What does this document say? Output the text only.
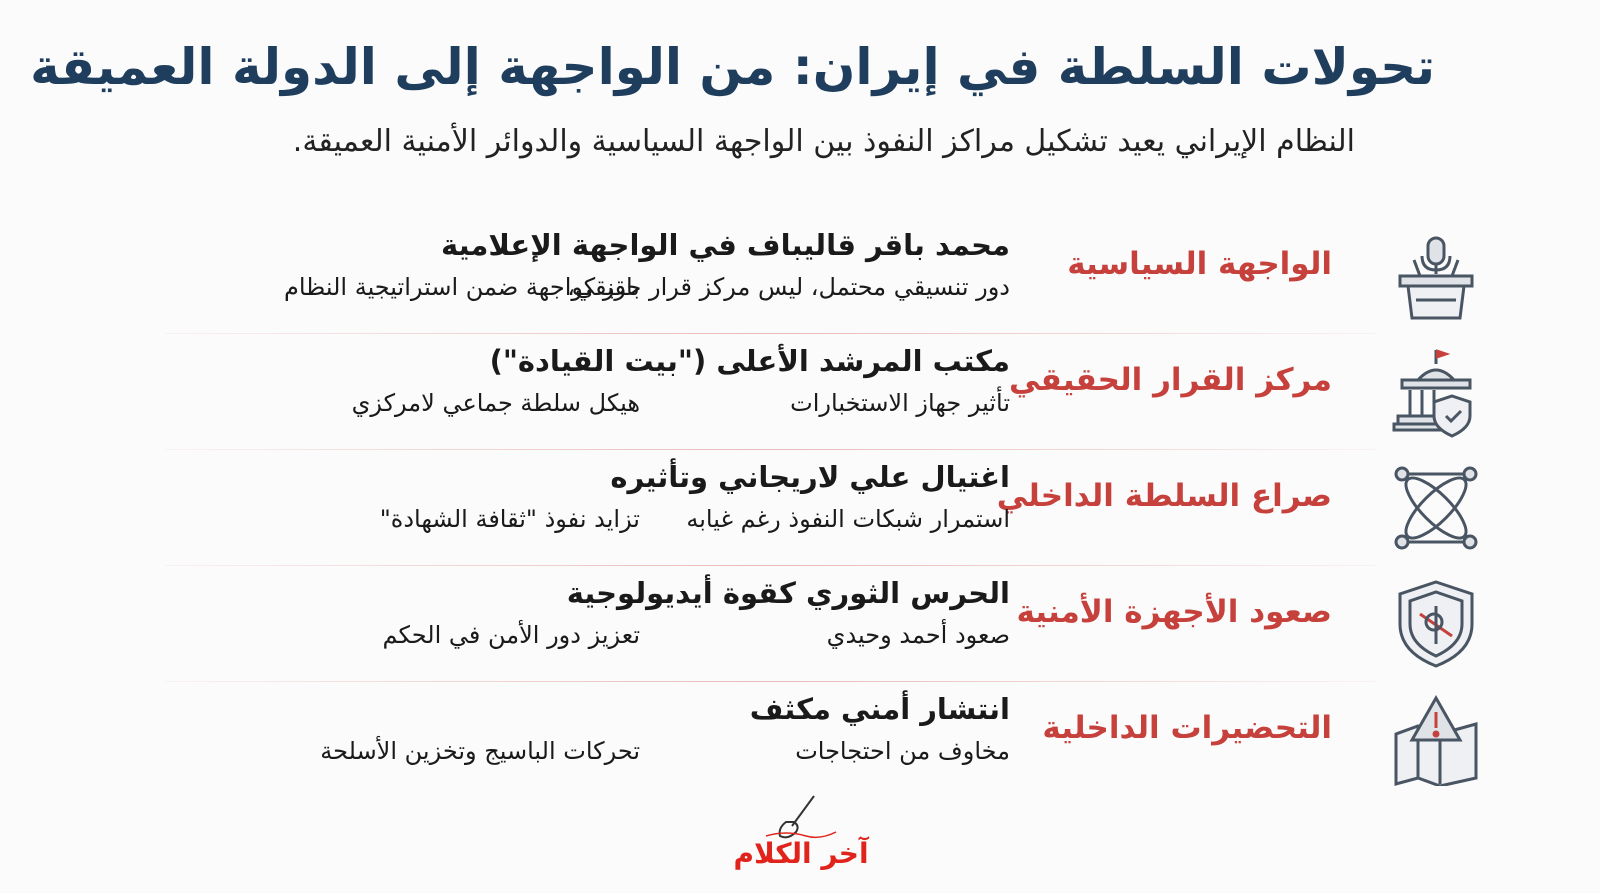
تحولات السلطة في إيران: من الواجهة إلى الدولة العميقة
النظام الإيراني يعيد تشكيل مراكز النفوذ بين الواجهة السياسية والدوائر الأمنية العميقة.
الواجهة السياسية
محمد باقر قاليباف في الواجهة الإعلامية
دور تنسيقي محتمل، ليس مركز قرار حقيقي،
بارز كواجهة ضمن استراتيجية النظام
مركز القرار الحقيقي
مكتب المرشد الأعلى ("بيت القيادة")
تأثير جهاز الاستخبارات
هيكل سلطة جماعي لامركزي
صراع السلطة الداخلي
اغتيال علي لاريجاني وتأثيره
استمرار شبكات النفوذ رغم غيابه
تزايد نفوذ "ثقافة الشهادة"
صعود الأجهزة الأمنية
الحرس الثوري كقوة أيديولوجية
صعود أحمد وحيدي
تعزيز دور الأمن في الحكم
التحضيرات الداخلية
انتشار أمني مكثف
مخاوف من احتجاجات
تحركات الباسيج وتخزين الأسلحة
آخر الكلام
